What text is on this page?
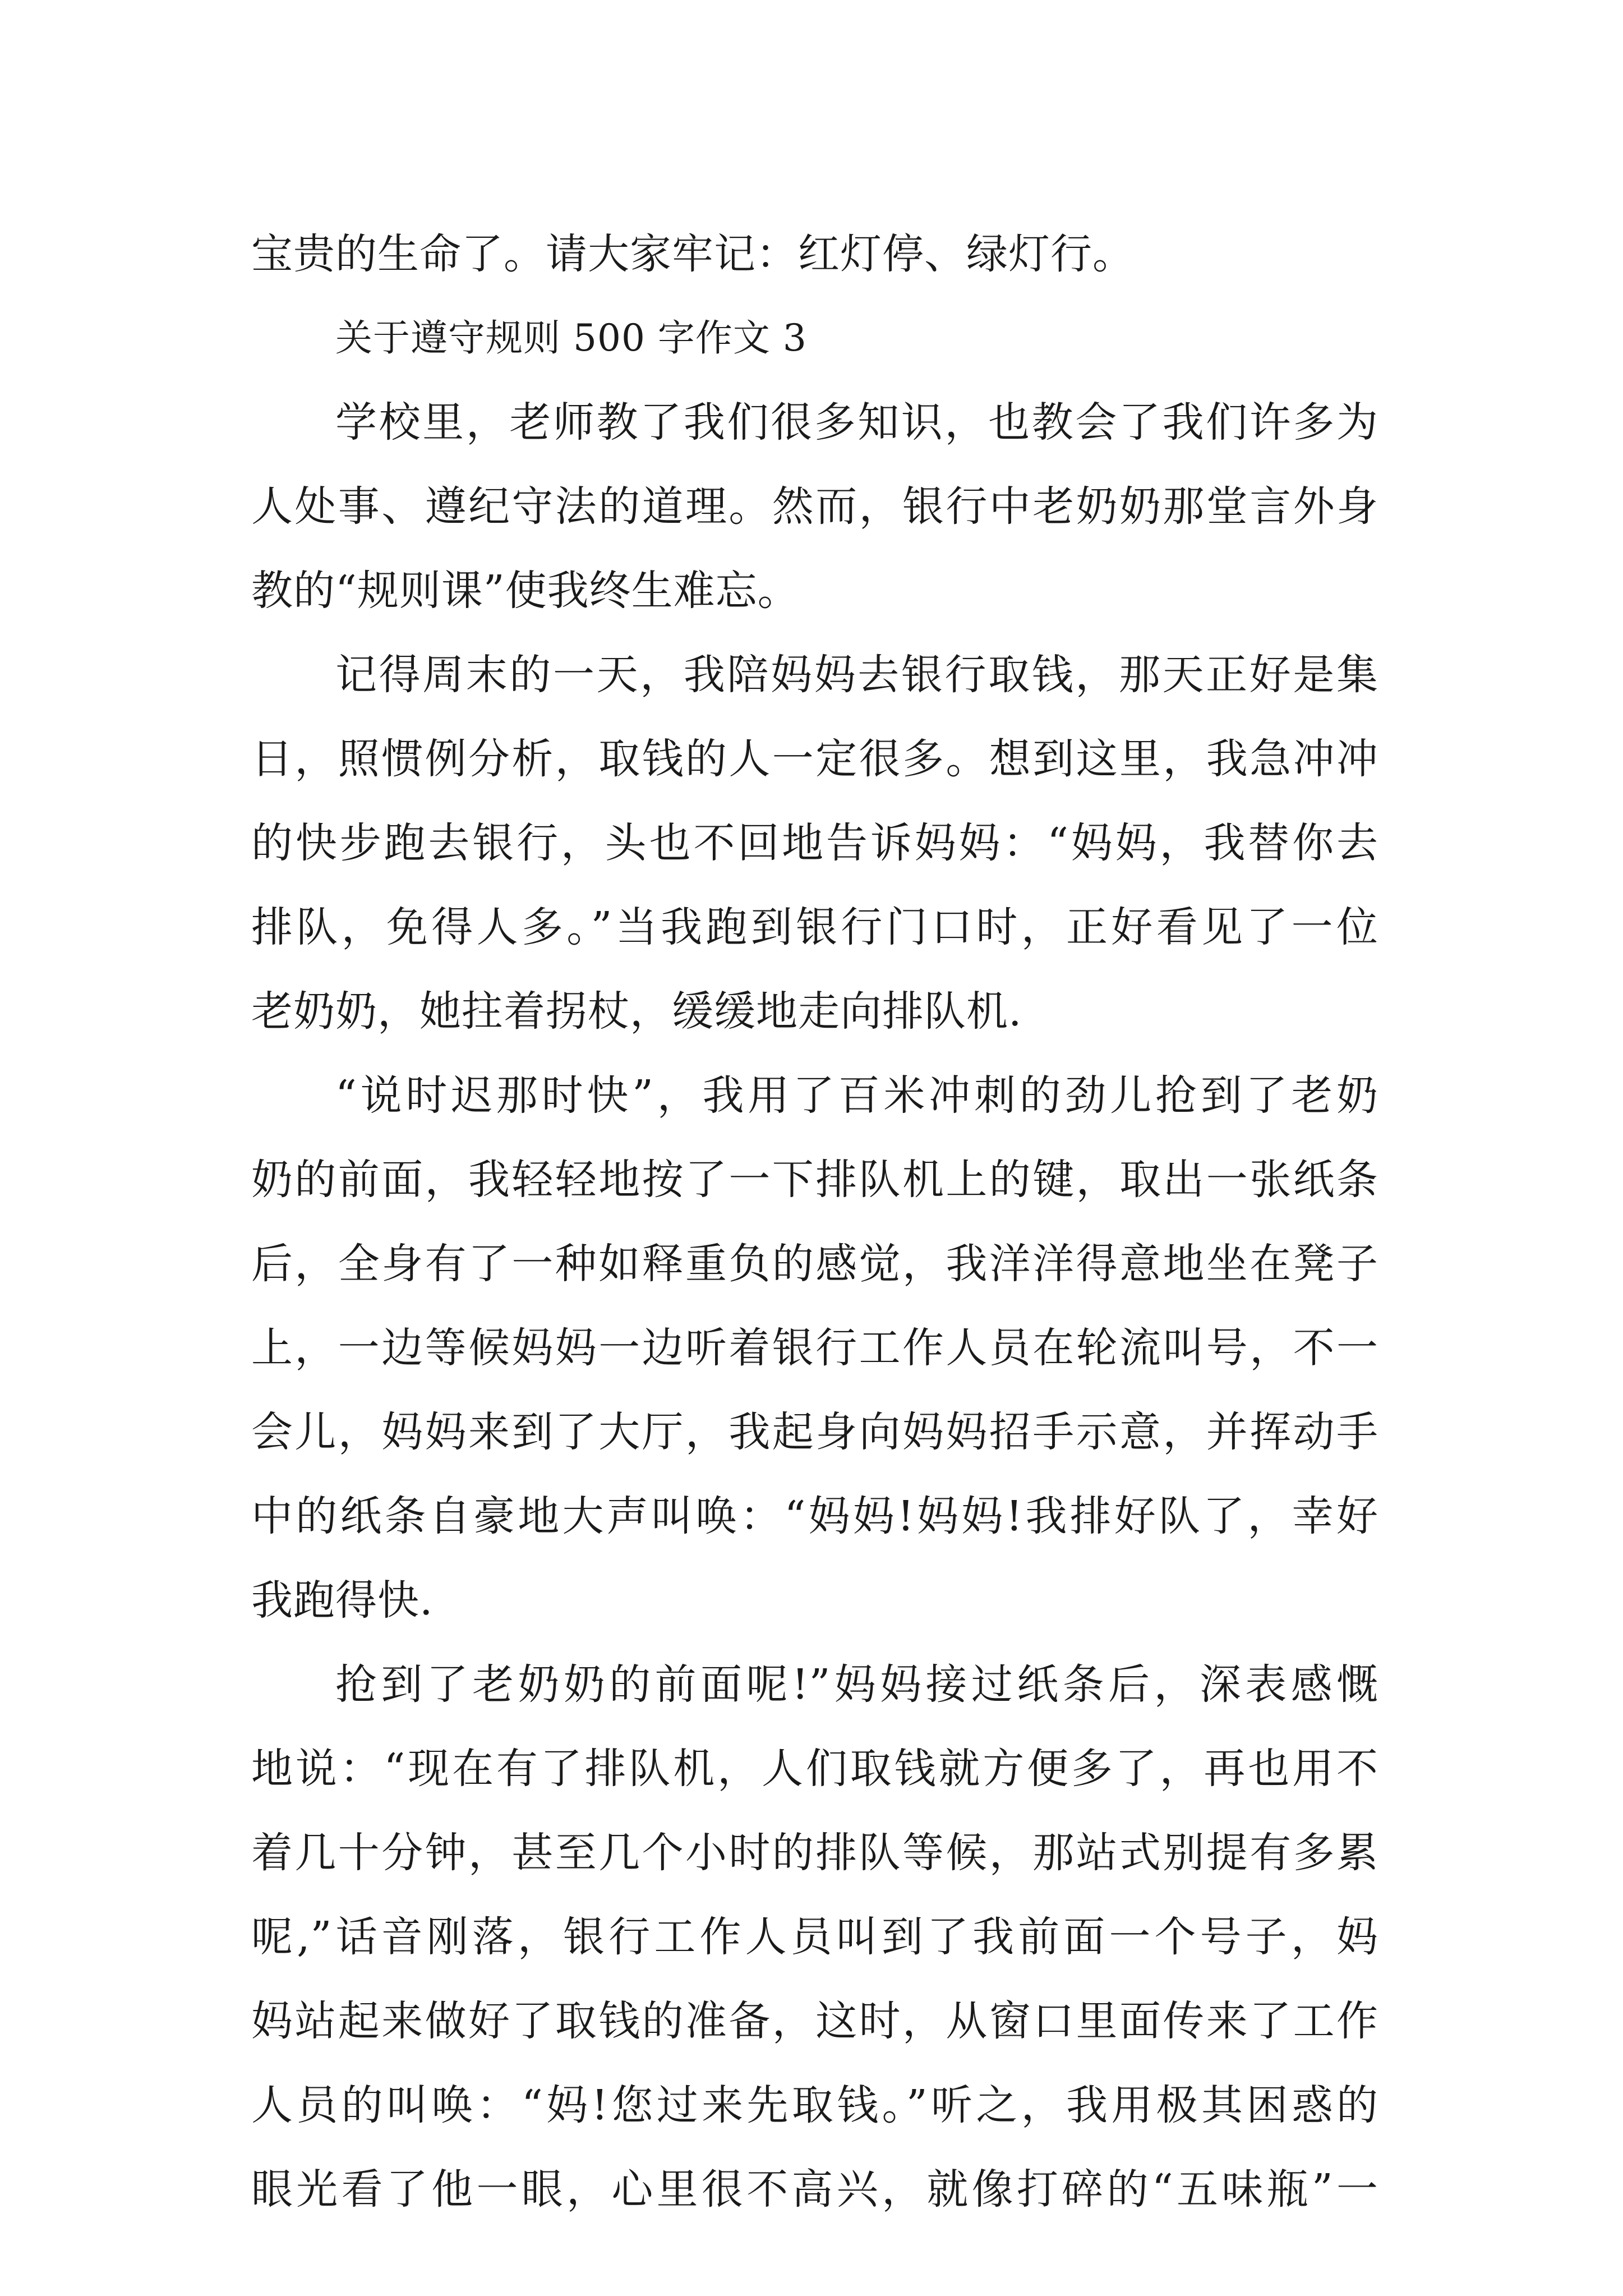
宝贵的生命了。请大家牢记：红灯停、绿灯行。
关于遵守规则 500 字作文 3
学校里，老师教了我们很多知识，也教会了我们许多为
人处事、遵纪守法的道理。然而，银行中老奶奶那堂言外身
教的“规则课”使我终生难忘。
记得周末的一天，我陪妈妈去银行取钱，那天正好是集
日，照惯例分析，取钱的人一定很多。想到这里，我急冲冲
的快步跑去银行，头也不回地告诉妈妈：“妈妈，我替你去
排队，免得人多。”当我跑到银行门口时，正好看见了一位
老奶奶，她拄着拐杖，缓缓地走向排队机.
“说时迟那时快”，我用了百米冲刺的劲儿抢到了老奶
奶的前面，我轻轻地按了一下排队机上的键，取出一张纸条
后，全身有了一种如释重负的感觉，我洋洋得意地坐在凳子
上，一边等候妈妈一边听着银行工作人员在轮流叫号，不一
会儿，妈妈来到了大厅，我起身向妈妈招手示意，并挥动手
中的纸条自豪地大声叫唤：“妈妈!妈妈!我排好队了，幸好
我跑得快.
抢到了老奶奶的前面呢!”妈妈接过纸条后，深表感慨
地说：“现在有了排队机，人们取钱就方便多了，再也用不
着几十分钟，甚至几个小时的排队等候，那站式别提有多累
呢,”话音刚落，银行工作人员叫到了我前面一个号子，妈
妈站起来做好了取钱的准备，这时，从窗口里面传来了工作
人员的叫唤：“妈!您过来先取钱。”听之，我用极其困惑的
眼光看了他一眼，心里很不高兴，就像打碎的“五味瓶”一
